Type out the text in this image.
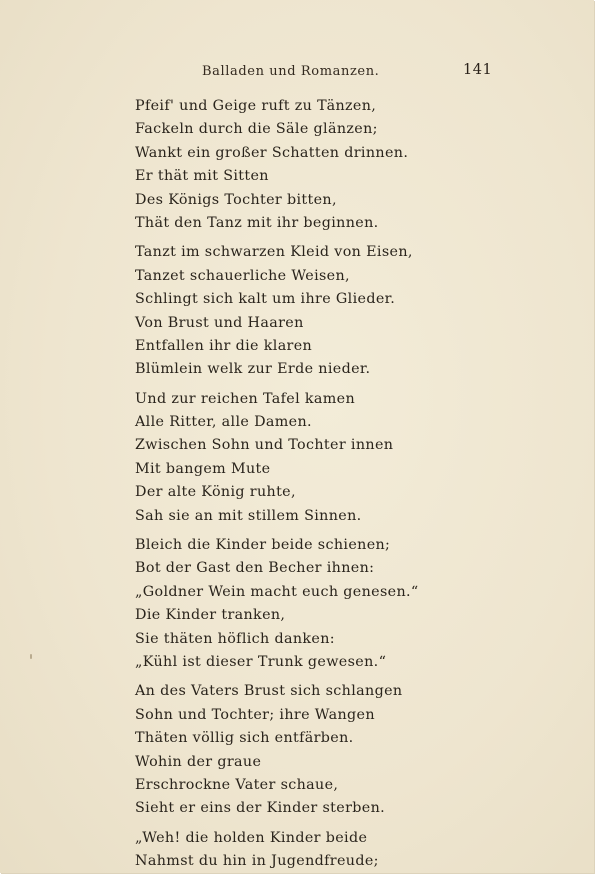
Balladen und Romanzen.	141
Pfeif' und Geige ruft zu Tänzen,
Fackeln durch die Säle glänzen;
Wankt ein großer Schatten drinnen.
Er thät mit Sitten
Des Königs Tochter bitten,
Thät den Tanz mit ihr beginnen.
Tanzt im schwarzen Kleid von Eisen,
Tanzet schauerliche Weisen,
Schlingt sich kalt um ihre Glieder.
Von Brust und Haaren
Entfallen ihr die klaren
Blümlein welk zur Erde nieder.
Und zur reichen Tafel kamen
Alle Ritter, alle Damen.
Zwischen Sohn und Tochter innen
Mit bangem Mute
Der alte König ruhte,
Sah sie an mit stillem Sinnen.
Bleich die Kinder beide schienen;
Bot der Gast den Becher ihnen:
„Goldner Wein macht euch genesen.“
Die Kinder tranken,
Sie thäten höflich danken:
„Kühl ist dieser Trunk gewesen.“
An des Vaters Brust sich schlangen
Sohn und Tochter; ihre Wangen
Thäten völlig sich entfärben.
Wohin der graue
Erschrockne Vater schaue,
Sieht er eins der Kinder sterben.
„Weh! die holden Kinder beide
Nahmst du hin in Jugendfreude;
